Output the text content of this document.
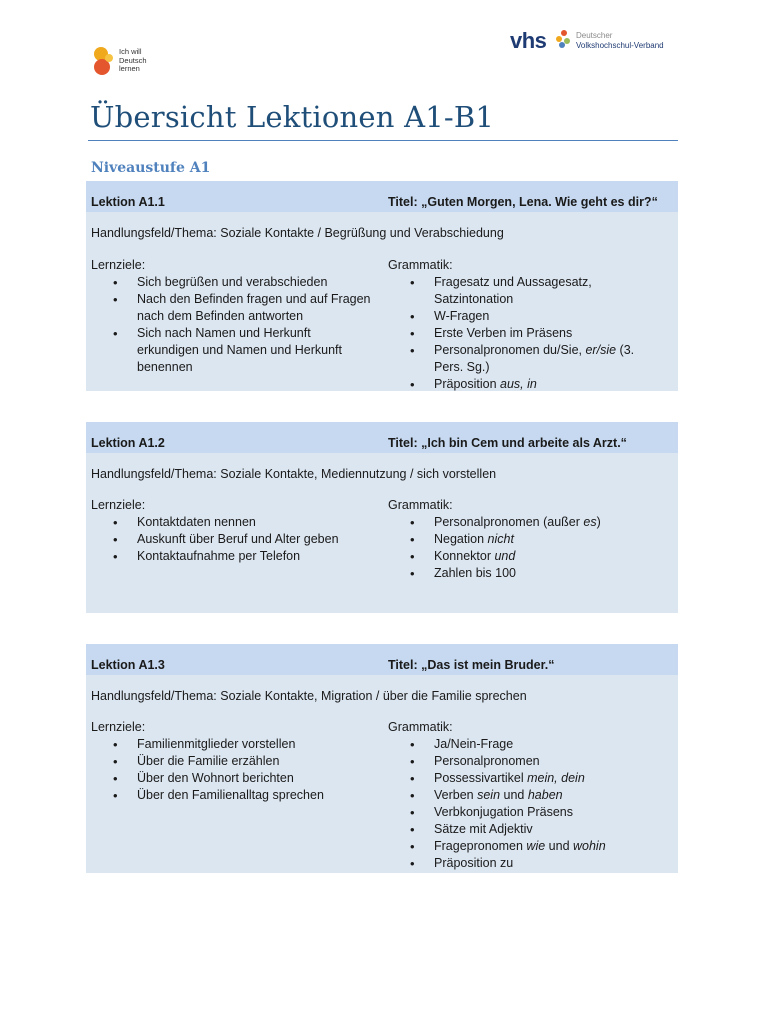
Ich will
Deutsch
lernen
vhs	Deutscher
Volkshochschul-Verband
Übersicht Lektionen A1-B1
Niveaustufe A1
Lektion A1.1	Titel: „Guten Morgen, Lena. Wie geht es dir?“
Handlungsfeld/Thema: Soziale Kontakte / Begrüßung und Verabschiedung
Lernziele:
• Sich begrüßen und verabschieden
• Nach den Befinden fragen und auf Fragen nach dem Befinden antworten
• Sich nach Namen und Herkunft erkundigen und Namen und Herkunft benennen
Grammatik:
• Fragesatz und Aussagesatz, Satzintonation
• W-Fragen
• Erste Verben im Präsens
• Personalpronomen du/Sie, er/sie (3. Pers. Sg.)
• Präposition aus, in
Lektion A1.2	Titel: „Ich bin Cem und arbeite als Arzt.“
Handlungsfeld/Thema: Soziale Kontakte, Mediennutzung / sich vorstellen
Lernziele:
• Kontaktdaten nennen
• Auskunft über Beruf und Alter geben
• Kontaktaufnahme per Telefon
Grammatik:
• Personalpronomen (außer es)
• Negation nicht
• Konnektor und
• Zahlen bis 100
Lektion A1.3	Titel: „Das ist mein Bruder.“
Handlungsfeld/Thema: Soziale Kontakte, Migration / über die Familie sprechen
Lernziele:
• Familienmitglieder vorstellen
• Über die Familie erzählen
• Über den Wohnort berichten
• Über den Familienalltag sprechen
Grammatik:
• Ja/Nein-Frage
• Personalpronomen
• Possessivartikel mein, dein
• Verben sein und haben
• Verbkonjugation Präsens
• Sätze mit Adjektiv
• Fragepronomen wie und wohin
• Präposition zu
